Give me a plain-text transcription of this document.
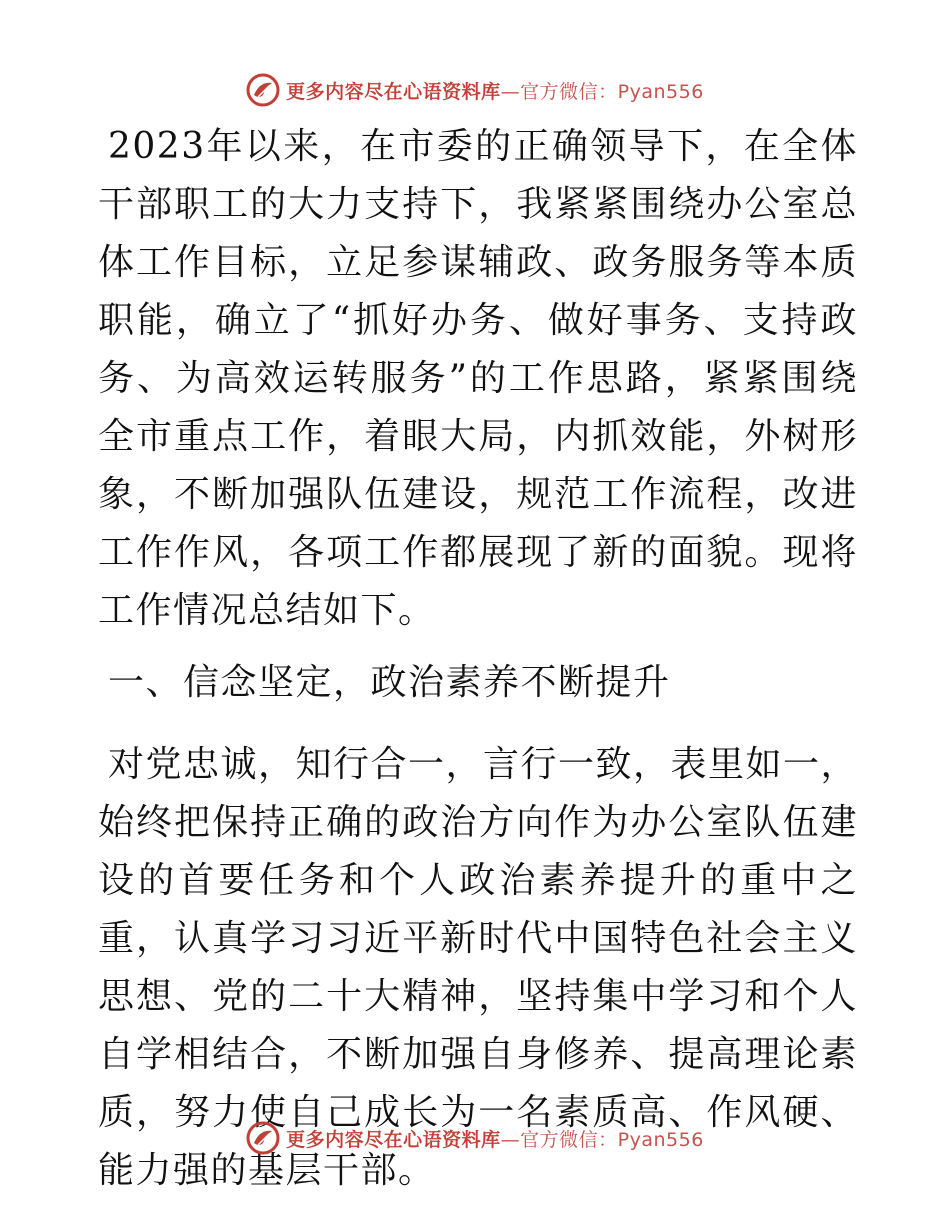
更多内容尽在心语资料库—官方微信：Pyan556

2023年以来，在市委的正确领导下，在全体干部职工的大力支持下，我紧紧围绕办公室总体工作目标，立足参谋辅政、政务服务等本质职能，确立了“抓好办务、做好事务、支持政务、为高效运转服务”的工作思路，紧紧围绕全市重点工作，着眼大局，内抓效能，外树形象，不断加强队伍建设，规范工作流程，改进工作作风，各项工作都展现了新的面貌。现将工作情况总结如下。

一、信念坚定，政治素养不断提升

对党忠诚，知行合一，言行一致，表里如一，始终把保持正确的政治方向作为办公室队伍建设的首要任务和个人政治素养提升的重中之重，认真学习习近平新时代中国特色社会主义思想、党的二十大精神，坚持集中学习和个人自学相结合，不断加强自身修养、提高理论素质，努力使自己成长为一名素质高、作风硬、能力强的基层干部。

更多内容尽在心语资料库—官方微信：Pyan556
